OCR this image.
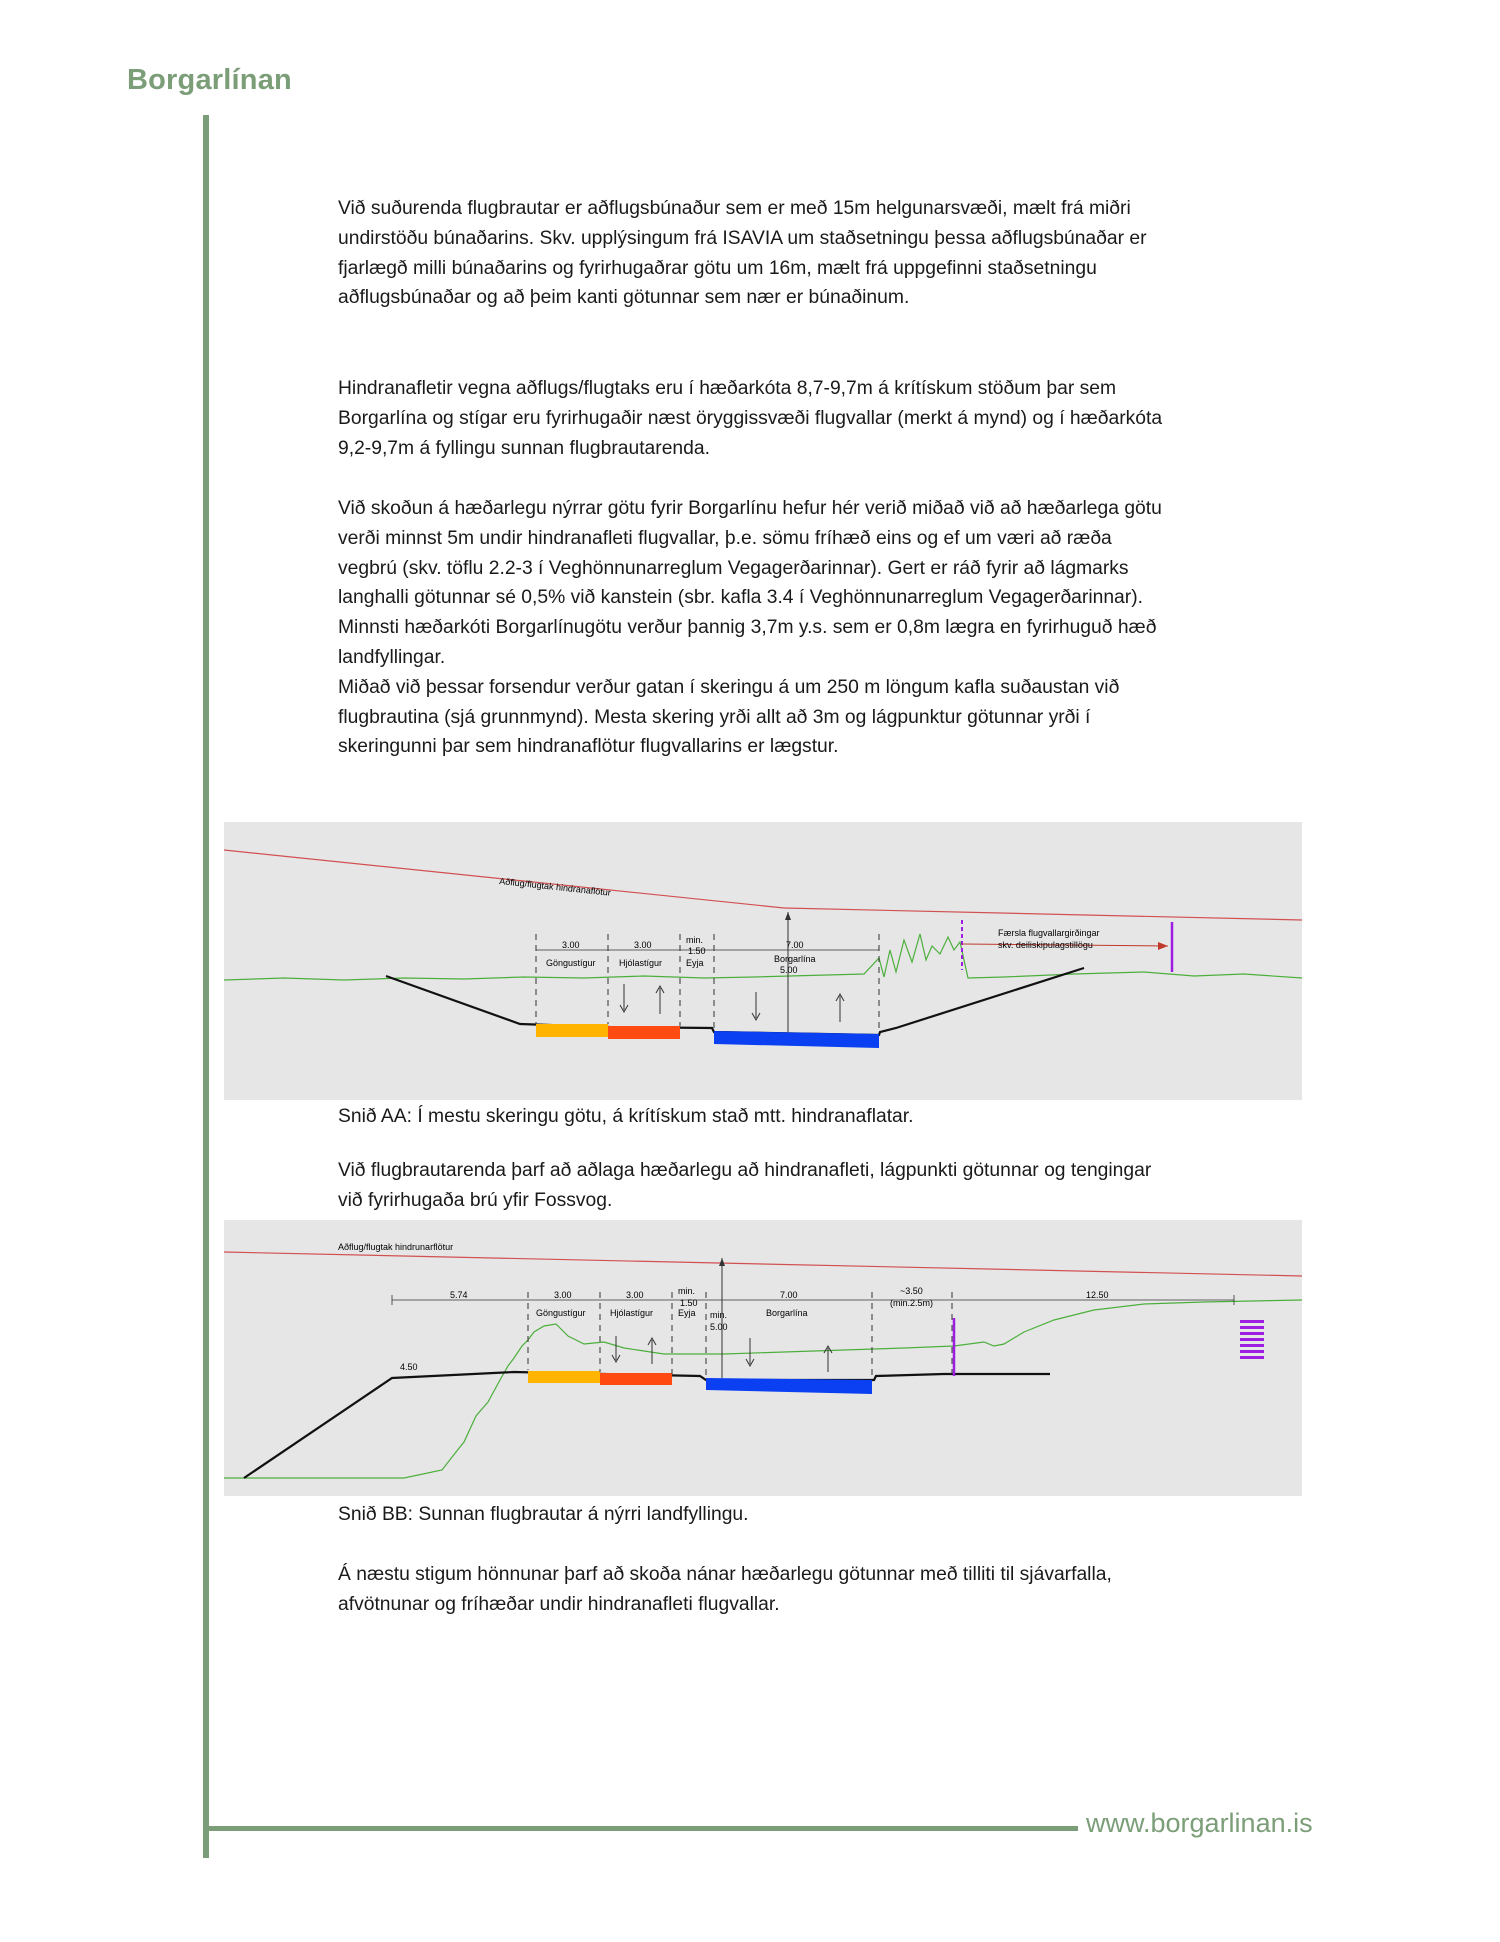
Borgarlínan

Við suðurenda flugbrautar er aðflugsbúnaður sem er með 15m helgunarsvæði, mælt frá miðri undirstöðu búnaðarins. Skv. upplýsingum frá ISAVIA um staðsetningu þessa aðflugsbúnaðar er fjarlægð milli búnaðarins og fyrirhugaðrar götu um 16m, mælt frá uppgefinni staðsetningu aðflugsbúnaðar og að þeim kanti götunnar sem nær er búnaðinum.

Hindranafletir vegna aðflugs/flugtaks eru í hæðarkóta 8,7-9,7m á krítískum stöðum þar sem Borgarlína og stígar eru fyrirhugaðir næst öryggissvæði flugvallar (merkt á mynd) og í hæðarkóta 9,2-9,7m á fyllingu sunnan flugbrautarenda.

Við skoðun á hæðarlegu nýrrar götu fyrir Borgarlínu hefur hér verið miðað við að hæðarlega götu verði minnst 5m undir hindranafleti flugvallar, þ.e. sömu fríhæð eins og ef um væri að ræða vegbrú (skv. töflu 2.2-3 í Veghönnunarreglum Vegagerðarinnar). Gert er ráð fyrir að lágmarks langhalli götunnar sé 0,5% við kanstein (sbr. kafla 3.4 í Veghönnunarreglum Vegagerðarinnar).

Minnsti hæðarkóti Borgarlínugötu verður þannig 3,7m y.s. sem er 0,8m lægra en fyrirhuguð hæð landfyllingar.

Miðað við þessar forsendur verður gatan í skeringu á um 250 m löngum kafla suðaustan við flugbrautina (sjá grunnmynd). Mesta skering yrði allt að 3m og lágpunktur götunnar yrði í skeringunni þar sem hindranaflötur flugvallarins er lægstur.

Aðflug/flugtak hindranaflötur
3.00	3.00	min.
1.50
7.00
Göngustígur	Hjólastígur	Eyja	Borgarlína
5.00
Færsla flugvallargirðingar
skv. deiliskipulagstillögu
Snið AA: Í mestu skeringu götu, á krítískum stað mtt. hindranaflatar.

Við flugbrautarenda þarf að aðlaga hæðarlegu að hindranafleti, lágpunkti götunnar og tengingar við fyrirhugaða brú yfir Fossvog.

Aðflug/flugtak hindrunarflötur
5.74	3.00	3.00	min.
1.50
7.00	~3.50
(min.2.5m)
12.50
Göngustígur	Hjólastígur	Eyja	Borgarlína
min.
5.00
4.50
Snið BB: Sunnan flugbrautar á nýrri landfyllingu.

Á næstu stigum hönnunar þarf að skoða nánar hæðarlegu götunnar með tilliti til sjávarfalla, afvötnunar og fríhæðar undir hindranafleti flugvallar.

www.borgarlinan.is
